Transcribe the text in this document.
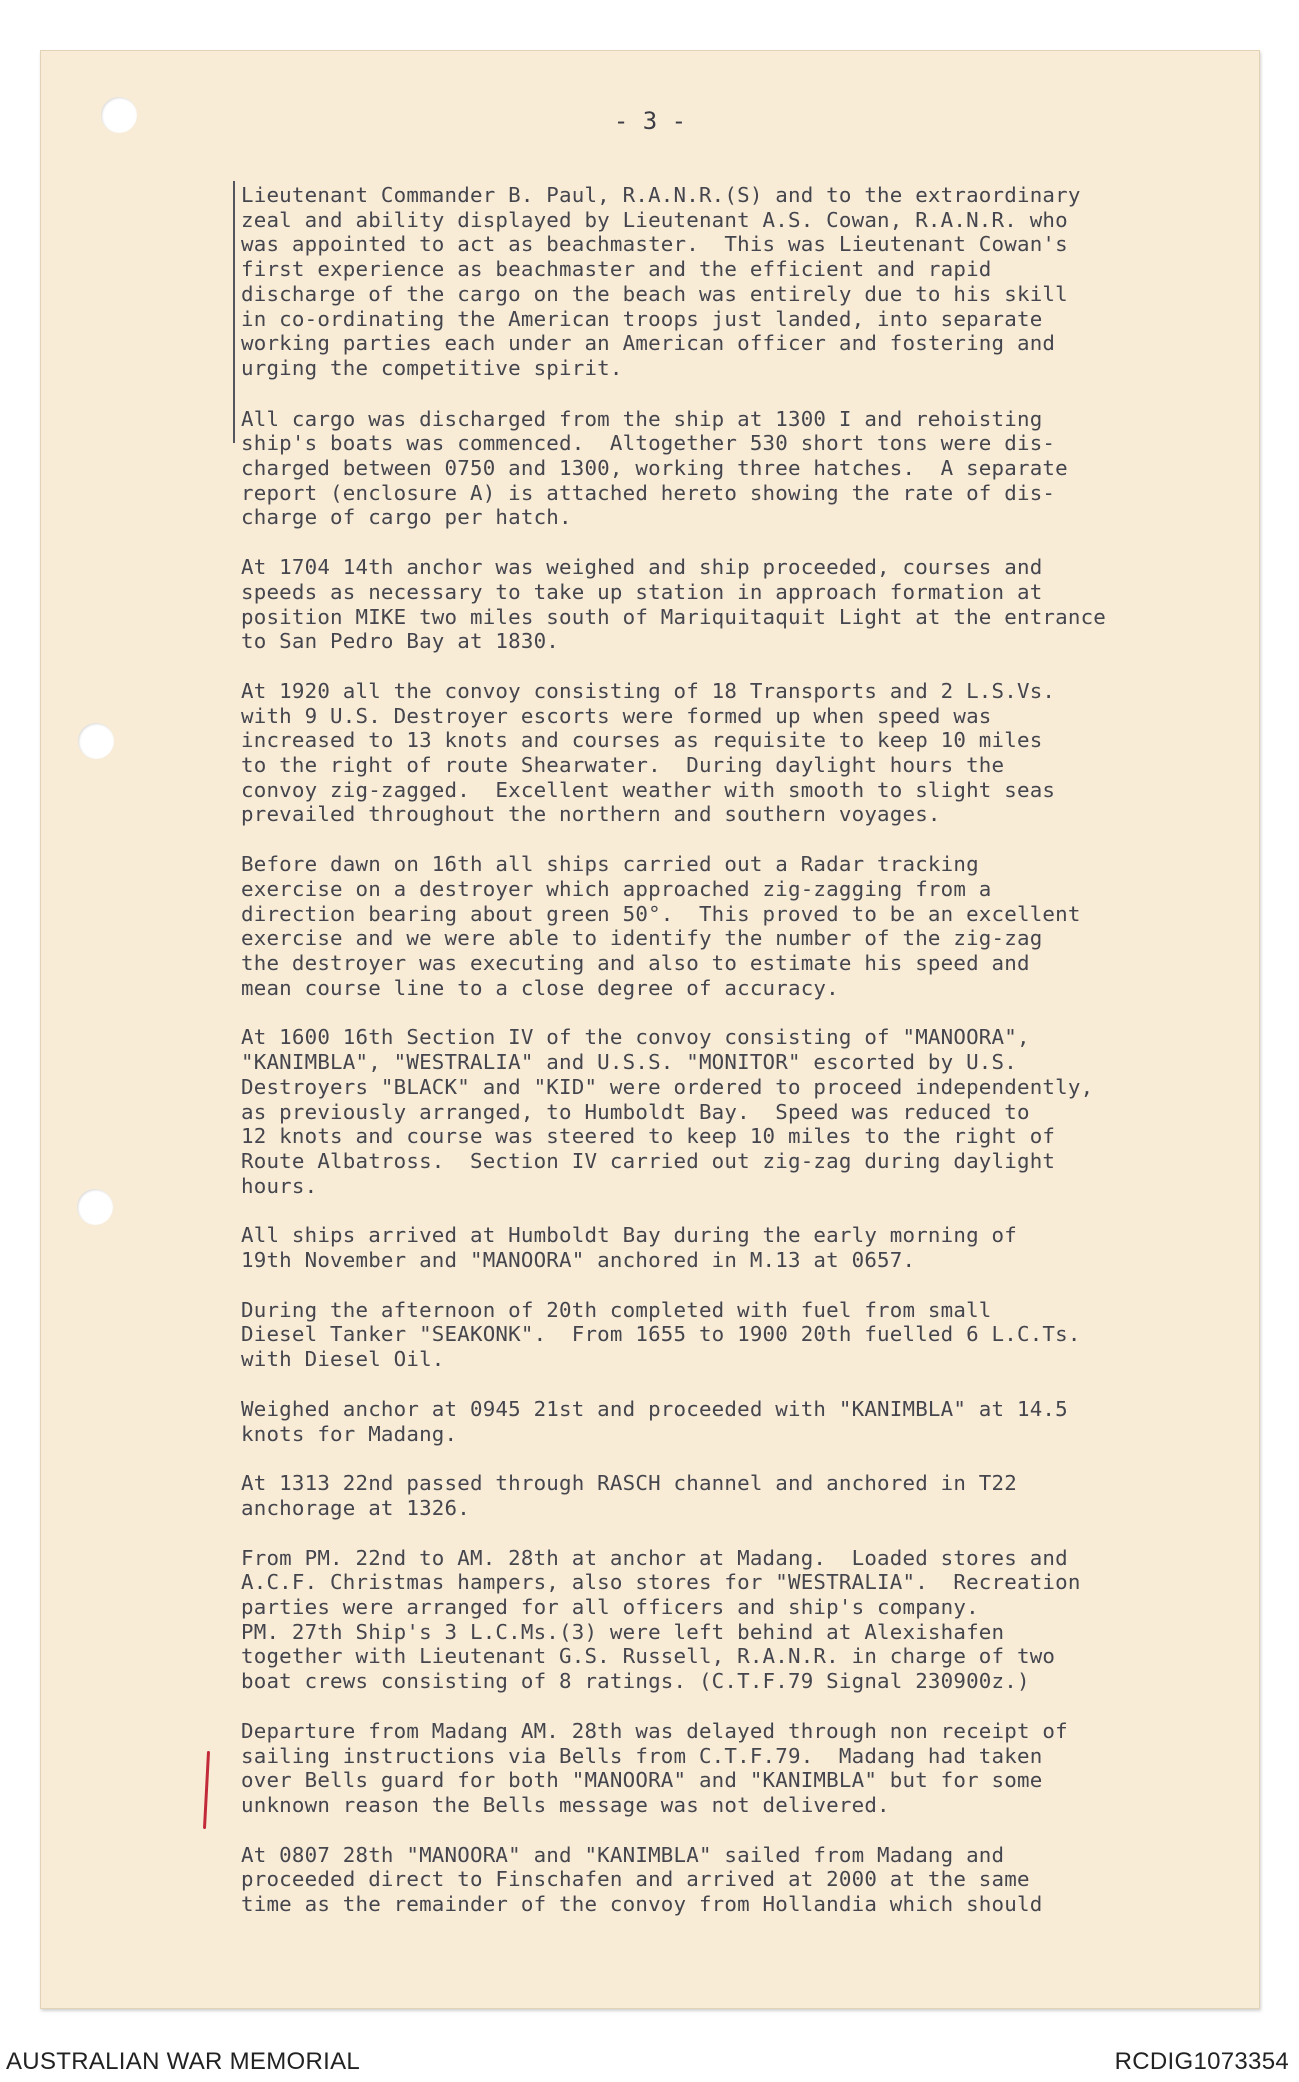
- 3 -

Lieutenant Commander B. Paul, R.A.N.R.(S) and to the extraordinary
zeal and ability displayed by Lieutenant A.S. Cowan, R.A.N.R. who
was appointed to act as beachmaster.  This was Lieutenant Cowan's
first experience as beachmaster and the efficient and rapid
discharge of the cargo on the beach was entirely due to his skill
in co-ordinating the American troops just landed, into separate
working parties each under an American officer and fostering and
urging the competitive spirit.

All cargo was discharged from the ship at 1300 I and rehoisting
ship's boats was commenced.  Altogether 530 short tons were dis-
charged between 0750 and 1300, working three hatches.  A separate
report (enclosure A) is attached hereto showing the rate of dis-
charge of cargo per hatch.

At 1704 14th anchor was weighed and ship proceeded, courses and
speeds as necessary to take up station in approach formation at
position MIKE two miles south of Mariquitaquit Light at the entrance
to San Pedro Bay at 1830.

At 1920 all the convoy consisting of 18 Transports and 2 L.S.Vs.
with 9 U.S. Destroyer escorts were formed up when speed was
increased to 13 knots and courses as requisite to keep 10 miles
to the right of route Shearwater.  During daylight hours the
convoy zig-zagged.  Excellent weather with smooth to slight seas
prevailed throughout the northern and southern voyages.

Before dawn on 16th all ships carried out a Radar tracking
exercise on a destroyer which approached zig-zagging from a
direction bearing about green 50°.  This proved to be an excellent
exercise and we were able to identify the number of the zig-zag
the destroyer was executing and also to estimate his speed and
mean course line to a close degree of accuracy.

At 1600 16th Section IV of the convoy consisting of "MANOORA",
"KANIMBLA", "WESTRALIA" and U.S.S. "MONITOR" escorted by U.S.
Destroyers "BLACK" and "KID" were ordered to proceed independently,
as previously arranged, to Humboldt Bay.  Speed was reduced to
12 knots and course was steered to keep 10 miles to the right of
Route Albatross.  Section IV carried out zig-zag during daylight
hours.

All ships arrived at Humboldt Bay during the early morning of
19th November and "MANOORA" anchored in M.13 at 0657.

During the afternoon of 20th completed with fuel from small
Diesel Tanker "SEAKONK".  From 1655 to 1900 20th fuelled 6 L.C.Ts.
with Diesel Oil.

Weighed anchor at 0945 21st and proceeded with "KANIMBLA" at 14.5
knots for Madang.

At 1313 22nd passed through RASCH channel and anchored in T22
anchorage at 1326.

From PM. 22nd to AM. 28th at anchor at Madang.  Loaded stores and
A.C.F. Christmas hampers, also stores for "WESTRALIA".  Recreation
parties were arranged for all officers and ship's company.
PM. 27th Ship's 3 L.C.Ms.(3) were left behind at Alexishafen
together with Lieutenant G.S. Russell, R.A.N.R. in charge of two
boat crews consisting of 8 ratings. (C.T.F.79 Signal 230900z.)

Departure from Madang AM. 28th was delayed through non receipt of
sailing instructions via Bells from C.T.F.79.  Madang had taken
over Bells guard for both "MANOORA" and "KANIMBLA" but for some
unknown reason the Bells message was not delivered.

At 0807 28th "MANOORA" and "KANIMBLA" sailed from Madang and
proceeded direct to Finschafen and arrived at 2000 at the same
time as the remainder of the convoy from Hollandia which should

AUSTRALIAN WAR MEMORIAL	RCDIG1073354
